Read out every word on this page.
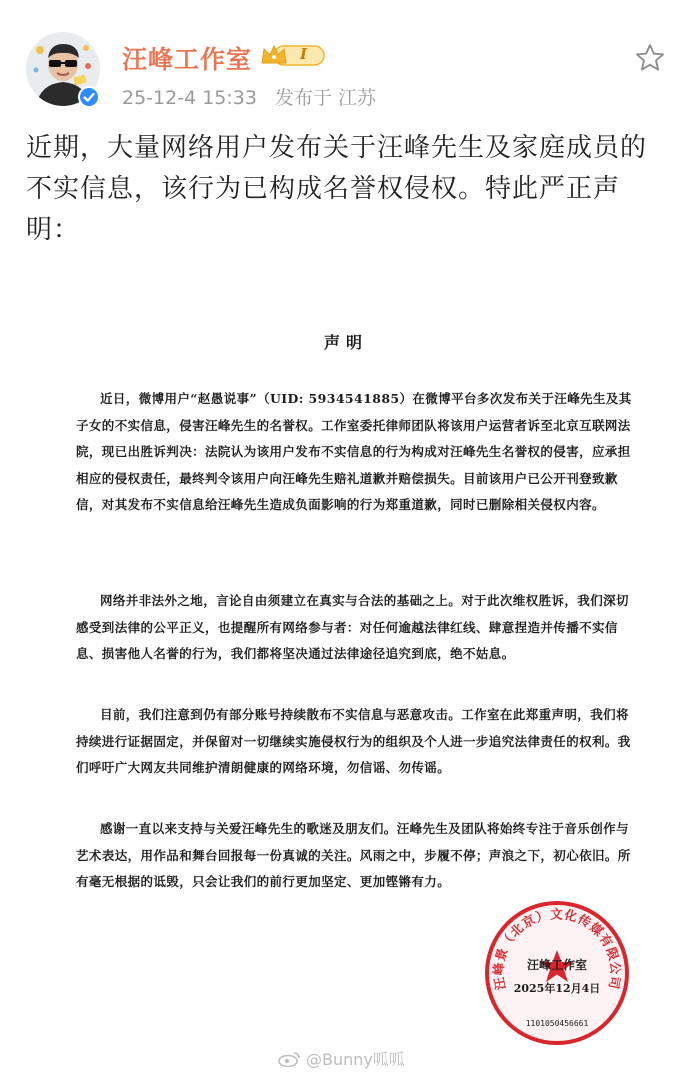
汪峰工作室	I
25-12-4 15:33 发布于 江苏

近期，大量网络用户发布关于汪峰先生及家庭成员的不实信息，该行为已构成名誉权侵权。特此严正声明：

声明

近日，微博用户“赵愚说事”（UID: 5934541885）在微博平台多次发布关于汪峰先生及其子女的不实信息，侵害汪峰先生的名誉权。工作室委托律师团队将该用户运营者诉至北京互联网法院，现已出胜诉判决：法院认为该用户发布不实信息的行为构成对汪峰先生名誉权的侵害，应承担相应的侵权责任，最终判令该用户向汪峰先生赔礼道歉并赔偿损失。目前该用户已公开刊登致歉信，对其发布不实信息给汪峰先生造成负面影响的行为郑重道歉，同时已删除相关侵权内容。

网络并非法外之地，言论自由须建立在真实与合法的基础之上。对于此次维权胜诉，我们深切感受到法律的公平正义，也提醒所有网络参与者：对任何逾越法律红线、肆意捏造并传播不实信息、损害他人名誉的行为，我们都将坚决通过法律途径追究到底，绝不姑息。

目前，我们注意到仍有部分账号持续散布不实信息与恶意攻击。工作室在此郑重声明，我们将持续进行证据固定，并保留对一切继续实施侵权行为的组织及个人进一步追究法律责任的权利。我们呼吁广大网友共同维护清朗健康的网络环境，勿信谣、勿传谣。

感谢一直以来支持与关爱汪峰先生的歌迷及朋友们。汪峰先生及团队将始终专注于音乐创作与艺术表达，用作品和舞台回报每一份真诚的关注。风雨之中，步履不停；声浪之下，初心依旧。所有毫无根据的诋毁，只会让我们的前行更加坚定、更加铿锵有力。

汪峰景（北京）文化传媒有限公司
1101050456661
汪峰工作室
2025年12月4日
@Bunny呱呱
